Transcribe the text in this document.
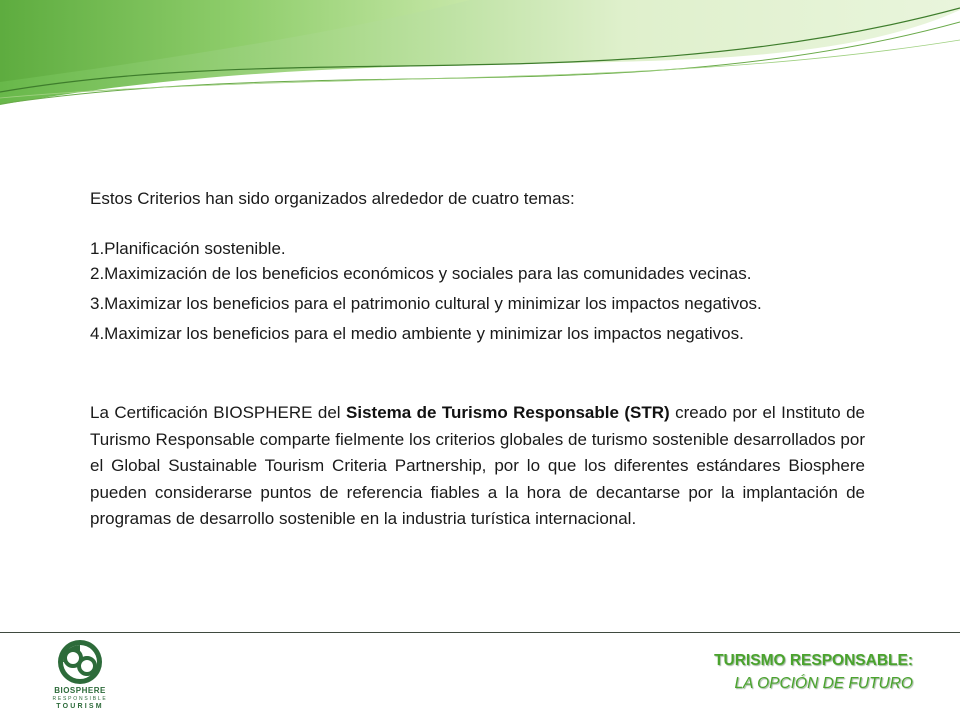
Estos Criterios han sido organizados alrededor de cuatro temas:
1.Planificación sostenible.
2.Maximización de los beneficios económicos y sociales para las comunidades vecinas.
3.Maximizar los beneficios para el patrimonio cultural y minimizar los impactos negativos.
4.Maximizar los beneficios para el medio ambiente y minimizar los impactos negativos.
La Certificación BIOSPHERE del Sistema de Turismo Responsable (STR) creado por el Instituto de Turismo Responsable comparte fielmente los criterios globales de turismo sostenible desarrollados por el Global Sustainable Tourism Criteria Partnership, por lo que los diferentes estándares Biosphere pueden considerarse puntos de referencia fiables a la hora de decantarse por la implantación de programas de desarrollo sostenible en la industria turística internacional.
BIOSPHERE
RESPONSIBLE
TOURISM
TURISMO RESPONSABLE:
LA OPCIÓN DE FUTURO
